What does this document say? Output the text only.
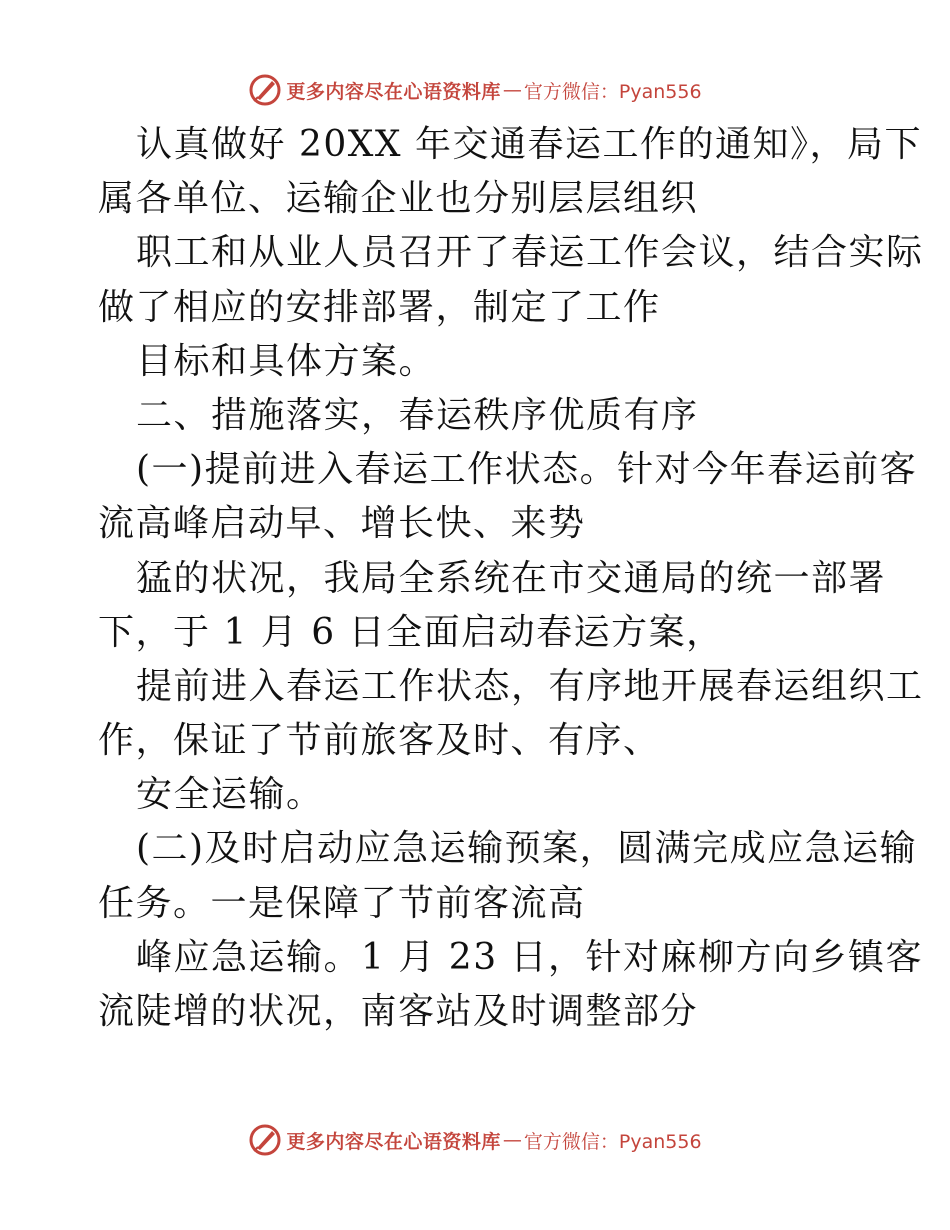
更多内容尽在心语资料库 — 官方微信：Pyan556
认真做好 20XX 年交通春运工作的通知》，局下
属各单位、运输企业也分别层层组织
职工和从业人员召开了春运工作会议，结合实际
做了相应的安排部署，制定了工作
目标和具体方案。
二、措施落实，春运秩序优质有序
(一)提前进入春运工作状态。针对今年春运前客
流高峰启动早、增长快、来势
猛的状况，我局全系统在市交通局的统一部署
下，于 1 月 6 日全面启动春运方案，
提前进入春运工作状态，有序地开展春运组织工
作，保证了节前旅客及时、有序、
安全运输。
(二)及时启动应急运输预案，圆满完成应急运输
任务。一是保障了节前客流高
峰应急运输。1 月 23 日，针对麻柳方向乡镇客
流陡增的状况，南客站及时调整部分
更多内容尽在心语资料库 — 官方微信：Pyan556
